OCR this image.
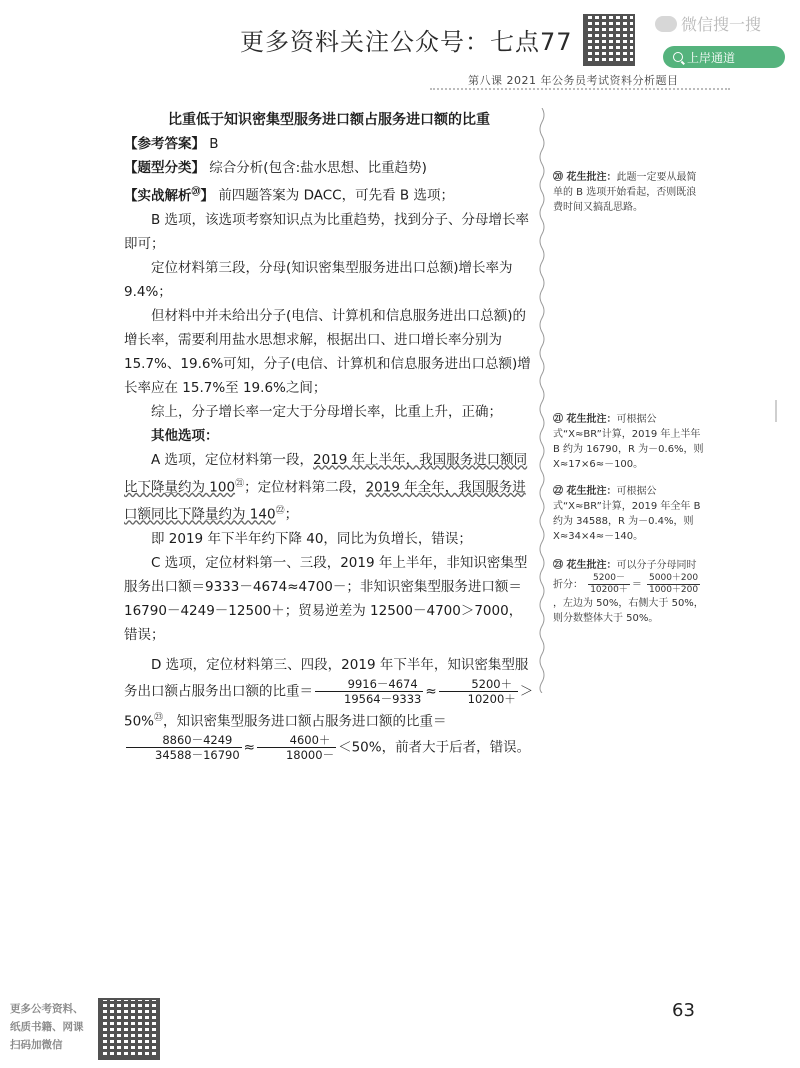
更多资料关注公众号：七点77
微信搜一搜
上岸通道
第八课 2021 年公务员考试资料分析题目

比重低于知识密集型服务进口额占服务进口额的比重

【参考答案】 B

【题型分类】 综合分析(包含:盐水思想、比重趋势)

【实战解析⑳】 前四题答案为 DACC，可先看 B 选项；

B 选项，该选项考察知识点为比重趋势，找到分子、分母增长率即可；

定位材料第三段，分母(知识密集型服务进出口总额)增长率为 9.4%；

但材料中并未给出分子(电信、计算机和信息服务进出口总额)的增长率，需要利用盐水思想求解，根据出口、进口增长率分别为 15.7%、19.6%可知，分子(电信、计算机和信息服务进出口总额)增长率应在 15.7%至 19.6%之间；

综上，分子增长率一定大于分母增长率，比重上升，正确；

其他选项：

A 选项，定位材料第一段，2019 年上半年，我国服务进口额同比下降量约为 $100^㉑$；定位材料第二段，2019 年全年，我国服务进口额同比下降量约为 $140^㉒$；

即 2019 年下半年约下降 40，同比为负增长，错误；

C 选项，定位材料第一、三段，2019 年上半年，非知识密集型服务出口额＝9333－4674≈4700－；非知识密集型服务进口额＝16790－4249－12500＋；贸易逆差为 12500－4700＞7000，错误；

D 选项，定位材料第三、四段，2019 年下半年，知识密集型服务出口额占服务出口额的比重＝ $\frac{9916-4674}{19564-9333} \approx \frac{5200+}{10200+} >50\%^㉓$，知识密集型服务进口额占服务进口额的比重＝
$\frac{8860-4249}{34588-16790} \approx \frac{4600+}{18000-} <50\%$，前者大于后者，错误。

⑳ 花生批注：此题一定要从最简单的 B 选项开始看起，否则既浪费时间又搞乱思路。
㉑ 花生批注：可根据公式“X≈BR”计算，2019 年上半年 B 约为 16790，R 为－0.6%，则 X≈17×6≈－100。
㉒ 花生批注：可根据公式“X≈BR”计算，2019 年全年 B 约为 34588，R 为－0.4%，则 X≈34×4≈－140。
㉓ 花生批注：可以分子分母同时折分： $\frac{5200-}{10200+} = \frac{5000+200}{1000+200}$
，左边为 50%，右侧大于 50%，则分数整体大于 50%。
更多公考资料、
纸质书籍、网课
扫码加微信
63
